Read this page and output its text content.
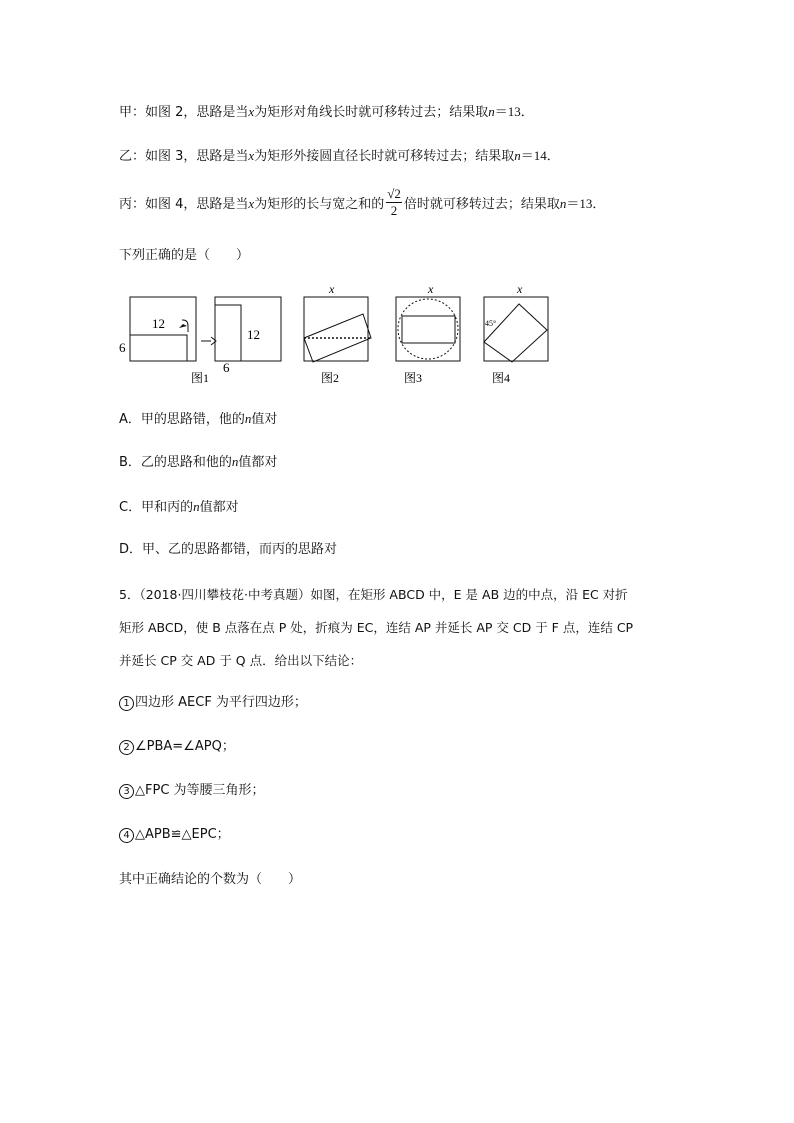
甲：如图 2，思路是当x为矩形对角线长时就可移转过去；结果取n＝13．
乙：如图 3，思路是当x为矩形外接圆直径长时就可移转过去；结果取n＝14．
丙：如图 4，思路是当x为矩形的长与宽之和的 $\frac{√2}{2}$ 倍时就可移转过去；结果取n＝13．
下列正确的是（　　）
12
6
12
6
图1
x
图2
x
图3
x
45°
图4
A．甲的思路错，他的n值对
B．乙的思路和他的n值都对
C．甲和丙的n值都对
D．甲、乙的思路都错，而丙的思路对
5．（2018·四川攀枝花·中考真题）如图，在矩形 ABCD 中，E 是 AB 边的中点，沿 EC 对折
矩形 ABCD，使 B 点落在点 P 处，折痕为 EC，连结 AP 并延长 AP 交 CD 于 F 点，连结 CP
并延长 CP 交 AD 于 Q 点．给出以下结论：
1 四边形 AECF 为平行四边形；
2 ∠PBA=∠APQ；
3 △FPC 为等腰三角形；
4 △APB≌△EPC；
其中正确结论的个数为（　　）
